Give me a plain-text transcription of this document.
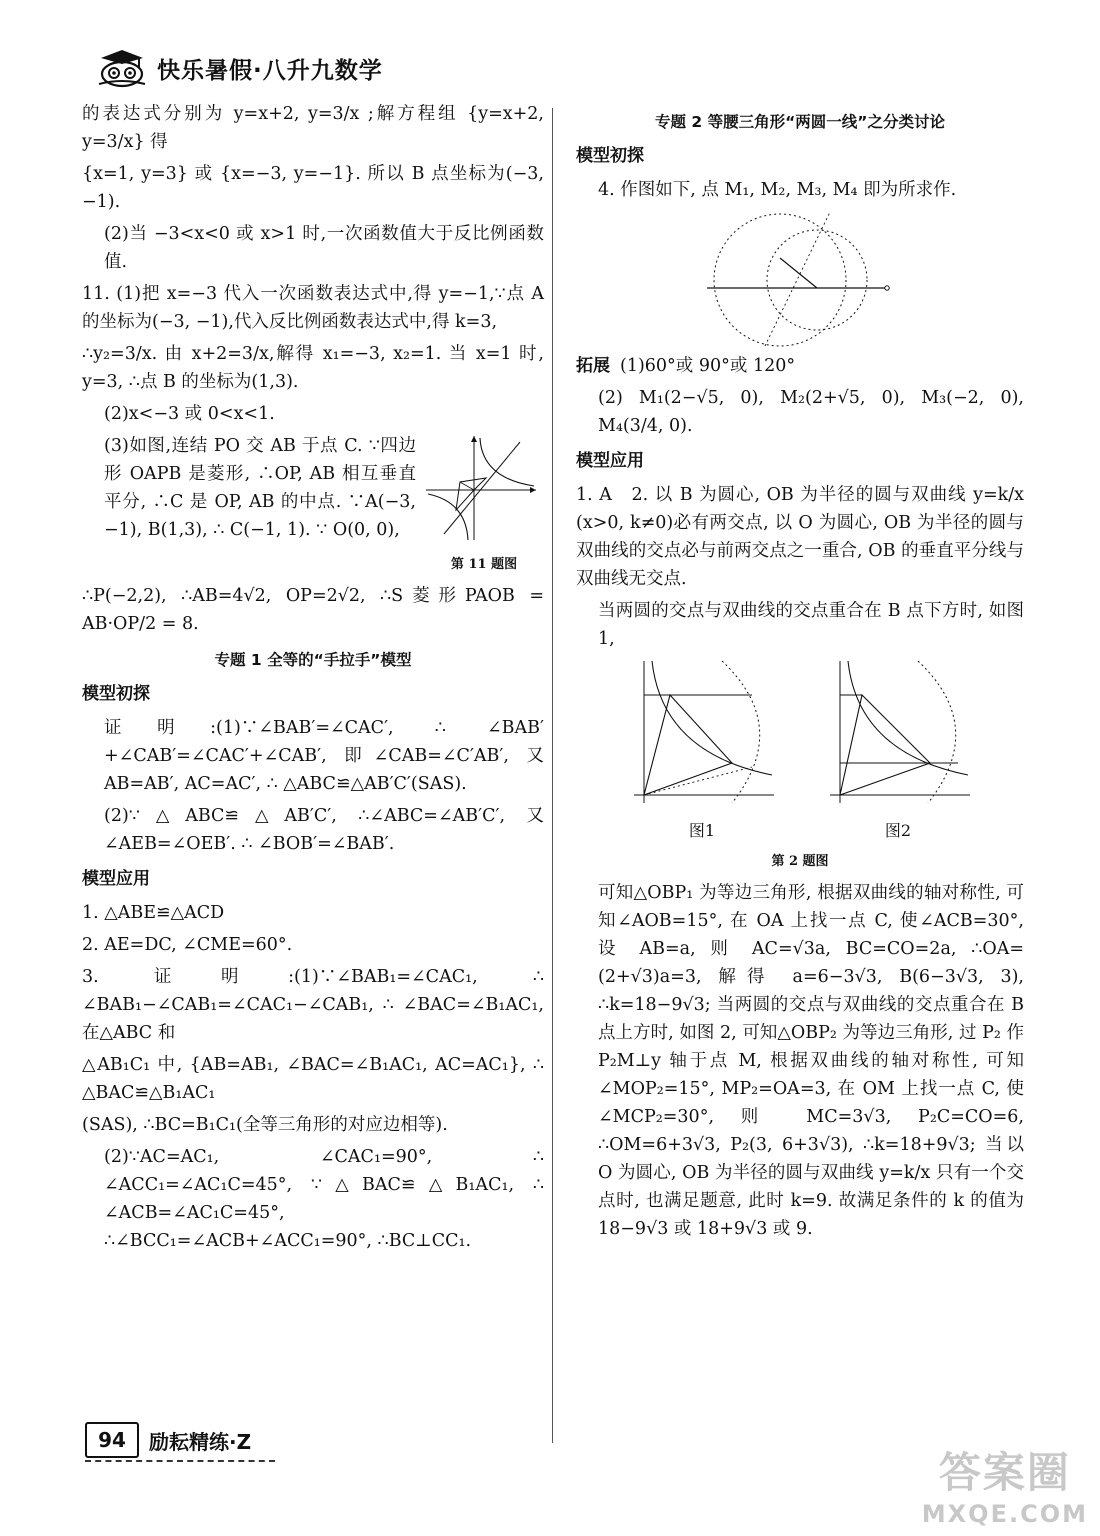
快乐暑假·八升九数学

的表达式分别为 y=x+2, y=3/x ;解方程组 {y=x+2, y=3/x} 得

{x=1, y=3} 或 {x=−3, y=−1}. 所以 B 点坐标为(−3, −1).

(2)当 −3<x<0 或 x>1 时,一次函数值大于反比例函数值.

11. (1)把 x=−3 代入一次函数表达式中,得 y=−1,∵点 A 的坐标为(−3, −1),代入反比例函数表达式中,得 k=3,

∴y₂=3/x. 由 x+2=3/x,解得 x₁=−3, x₂=1. 当 x=1 时, y=3, ∴点 B 的坐标为(1,3).

(2)x<−3 或 0<x<1.

(3)如图,连结 PO 交 AB 于点 C. ∵四边形 OAPB 是菱形, ∴OP, AB 相互垂直平分, ∴C 是 OP, AB 的中点. ∵A(−3, −1), B(1,3), ∴ C(−1, 1). ∵ O(0, 0),

第 11 题图

∴P(−2,2), ∴AB=4√2, OP=2√2, ∴S菱形PAOB = AB·OP/2 = 8.

专题 1 全等的“手拉手”模型
模型初探

证明:(1)∵∠BAB′=∠CAC′, ∴ ∠BAB′+∠CAB′=∠CAC′+∠CAB′, 即∠CAB=∠C′AB′, 又 AB=AB′, AC=AC′, ∴ △ABC≌△AB′C′(SAS).

(2)∵△ABC≌△AB′C′, ∴∠ABC=∠AB′C′, 又∠AEB=∠OEB′. ∴ ∠BOB′=∠BAB′.

模型应用

1. △ABE≌△ACD

2. AE=DC, ∠CME=60°.

3. 证明:(1)∵∠BAB₁=∠CAC₁, ∴ ∠BAB₁−∠CAB₁=∠CAC₁−∠CAB₁, ∴ ∠BAC=∠B₁AC₁, 在△ABC 和

△AB₁C₁ 中, {AB=AB₁, ∠BAC=∠B₁AC₁, AC=AC₁}, ∴ △BAC≌△B₁AC₁

(SAS), ∴BC=B₁C₁(全等三角形的对应边相等).

(2)∵AC=AC₁, ∠CAC₁=90°, ∴ ∠ACC₁=∠AC₁C=45°, ∵△BAC≌△B₁AC₁, ∴ ∠ACB=∠AC₁C=45°, ∴∠BCC₁=∠ACB+∠ACC₁=90°, ∴BC⊥CC₁.

专题 2 等腰三角形“两圆一线”之分类讨论
模型初探

4. 作图如下, 点 M₁, M₂, M₃, M₄ 即为所求作.

拓展 (1)60°或 90°或 120°

(2) M₁(2−√5, 0), M₂(2+√5, 0), M₃(−2, 0), M₄(3/4, 0).

模型应用

1. A   2. 以 B 为圆心, OB 为半径的圆与双曲线 y=k/x (x>0, k≠0)必有两交点, 以 O 为圆心, OB 为半径的圆与双曲线的交点必与前两交点之一重合, OB 的垂直平分线与双曲线无交点.

当两圆的交点与双曲线的交点重合在 B 点下方时, 如图 1,

图1	图2
第 2 题图

可知△OBP₁ 为等边三角形, 根据双曲线的轴对称性, 可知∠AOB=15°, 在 OA 上找一点 C, 使∠ACB=30°, 设 AB=a, 则 AC=√3a, BC=CO=2a, ∴OA=(2+√3)a=3, 解得 a=6−3√3, B(6−3√3, 3), ∴k=18−9√3; 当两圆的交点与双曲线的交点重合在 B 点上方时, 如图 2, 可知△OBP₂ 为等边三角形, 过 P₂ 作 P₂M⊥y 轴于点 M, 根据双曲线的轴对称性, 可知∠MOP₂=15°, MP₂=OA=3, 在 OM 上找一点 C, 使∠MCP₂=30°, 则 MC=3√3, P₂C=CO=6, ∴OM=6+3√3, P₂(3, 6+3√3), ∴k=18+9√3; 当以 O 为圆心, OB 为半径的圆与双曲线 y=k/x 只有一个交点时, 也满足题意, 此时 k=9. 故满足条件的 k 的值为 18−9√3 或 18+9√3 或 9.

94	励耘精练·Z
答案圈
MXQE.COM
